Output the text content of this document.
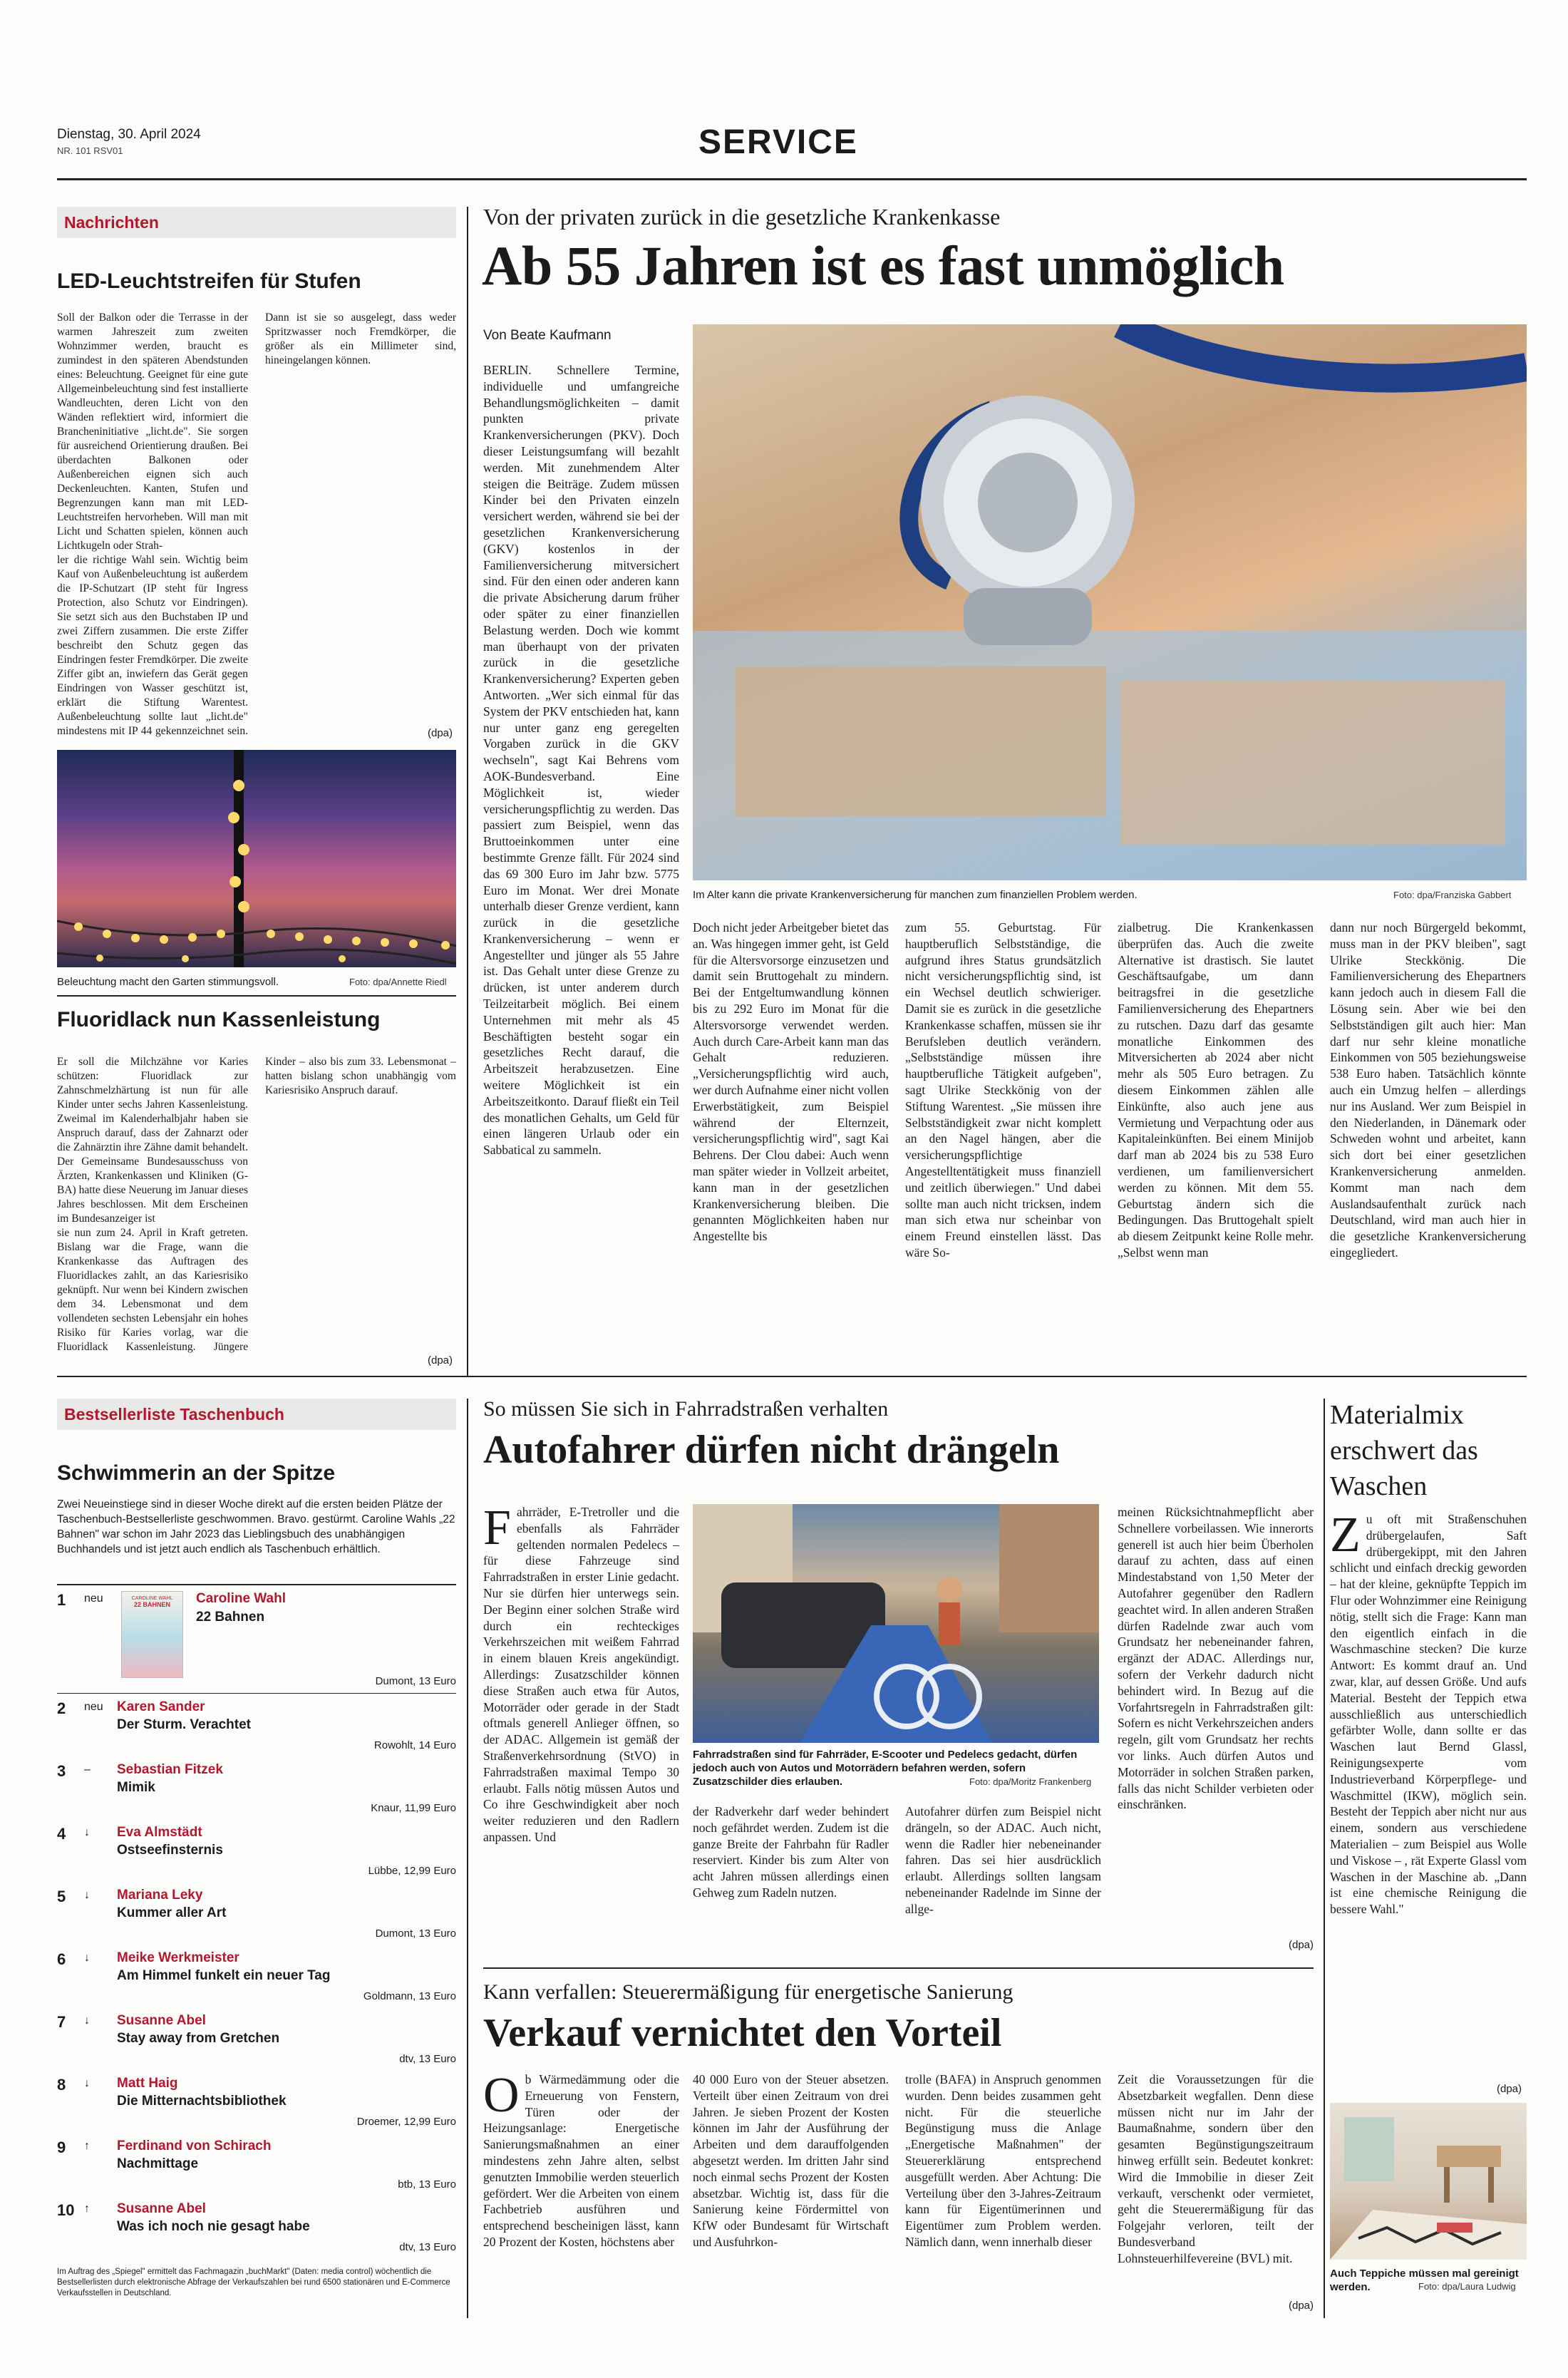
Dienstag, 30. April 2024
NR. 101 RSV01	SERVICE
Nachrichten
LED-Leuchtstreifen für Stufen

Soll der Balkon oder die Terrasse in der warmen Jahreszeit zum zweiten Wohnzimmer werden, braucht es zumindest in den späteren Abendstunden eines: Beleuchtung. Geeignet für eine gute Allgemeinbeleuchtung sind fest installierte Wandleuchten, deren Licht von den Wänden reflektiert wird, informiert die Brancheninitiative „licht.de". Sie sorgen für ausreichend Orientierung draußen. Bei überdachten Balkonen oder Außenbereichen eignen sich auch Deckenleuchten. Kanten, Stufen und Begrenzungen kann man mit LED-Leuchtstreifen hervorheben. Will man mit Licht und Schatten spielen, können auch Lichtkugeln oder Strah-

ler die richtige Wahl sein. Wichtig beim Kauf von Außenbeleuchtung ist außerdem die IP-Schutzart (IP steht für Ingress Protection, also Schutz vor Eindringen). Sie setzt sich aus den Buchstaben IP und zwei Ziffern zusammen. Die erste Ziffer beschreibt den Schutz gegen das Eindringen fester Fremdkörper. Die zweite Ziffer gibt an, inwiefern das Gerät gegen Eindringen von Wasser geschützt ist, erklärt die Stiftung Warentest. Außenbeleuchtung sollte laut „licht.de" mindestens mit IP 44 gekennzeichnet sein. Dann ist sie so ausgelegt, dass weder Spritzwasser noch Fremdkörper, die größer als ein Millimeter sind, hineingelangen können.

(dpa)
Beleuchtung macht den Garten stimmungsvoll.	Foto: dpa/Annette Riedl
Fluoridlack nun Kassenleistung

Er soll die Milchzähne vor Karies schützen: Fluoridlack zur Zahnschmelzhärtung ist nun für alle Kinder unter sechs Jahren Kassenleistung. Zweimal im Kalenderhalbjahr haben sie Anspruch darauf, dass der Zahnarzt oder die Zahnärztin ihre Zähne damit behandelt. Der Gemeinsame Bundesausschuss von Ärzten, Krankenkassen und Kliniken (G-BA) hatte diese Neuerung im Januar dieses Jahres beschlossen. Mit dem Erscheinen im Bundesanzeiger ist

sie nun zum 24. April in Kraft getreten. Bislang war die Frage, wann die Krankenkasse das Auftragen des Fluoridlackes zahlt, an das Kariesrisiko geknüpft. Nur wenn bei Kindern zwischen dem 34. Lebensmonat und dem vollendeten sechsten Lebensjahr ein hohes Risiko für Karies vorlag, war die Fluoridlack Kassenleistung. Jüngere Kinder – also bis zum 33. Lebensmonat – hatten bislang schon unabhängig vom Kariesrisiko Anspruch darauf.

(dpa)
Von der privaten zurück in die gesetzliche Krankenkasse
Ab 55 Jahren ist es fast unmöglich
Von Beate Kaufmann
Im Alter kann die private Krankenversicherung für manchen zum finanziellen Problem werden.	Foto: dpa/Franziska Gabbert
BERLIN. Schnellere Termine, individuelle und umfangreiche Behandlungsmöglichkeiten – damit punkten private Krankenversicherungen (PKV). Doch dieser Leistungsumfang will bezahlt werden. Mit zunehmendem Alter steigen die Beiträge. Zudem müssen Kinder bei den Privaten einzeln versichert werden, während sie bei der gesetzlichen Krankenversicherung (GKV) kostenlos in der Familienversicherung mitversichert sind. Für den einen oder anderen kann die private Absicherung darum früher oder später zu einer finanziellen Belastung werden. Doch wie kommt man überhaupt von der privaten zurück in die gesetzliche Krankenversicherung? Experten geben Antworten. „Wer sich einmal für das System der PKV entschieden hat, kann nur unter ganz eng geregelten Vorgaben zurück in die GKV wechseln", sagt Kai Behrens vom AOK-Bundesverband. Eine Möglichkeit ist, wieder versicherungspflichtig zu werden. Das passiert zum Beispiel, wenn das Bruttoeinkommen unter eine bestimmte Grenze fällt. Für 2024 sind das 69 300 Euro im Jahr bzw. 5775 Euro im Monat. Wer drei Monate unterhalb dieser Grenze verdient, kann zurück in die gesetzliche Krankenversicherung – wenn er Angestellter und jünger als 55 Jahre ist. Das Gehalt unter diese Grenze zu drücken, ist unter anderem durch Teilzeitarbeit möglich. Bei einem Unternehmen mit mehr als 45 Beschäftigten besteht sogar ein gesetzliches Recht darauf, die Arbeitszeit herabzusetzen. Eine weitere Möglichkeit ist ein Arbeitszeitkonto. Darauf fließt ein Teil des monatlichen Gehalts, um Geld für einen längeren Urlaub oder ein Sabbatical zu sammeln.
Doch nicht jeder Arbeitgeber bietet das an. Was hingegen immer geht, ist Geld für die Altersvorsorge einzusetzen und damit sein Bruttogehalt zu mindern. Bei der Entgeltumwandlung können bis zu 292 Euro im Monat für die Altersvorsorge verwendet werden. Auch durch Care-Arbeit kann man das Gehalt reduzieren. „Versicherungspflichtig wird auch, wer durch Aufnahme einer nicht vollen Erwerbstätigkeit, zum Beispiel während der Elternzeit, versicherungspflichtig wird", sagt Kai Behrens. Der Clou dabei: Auch wenn man später wieder in Vollzeit arbeitet, kann man in der gesetzlichen Krankenversicherung bleiben. Die genannten Möglichkeiten haben nur Angestellte bis
zum 55. Geburtstag. Für hauptberuflich Selbstständige, die aufgrund ihres Status grundsätzlich nicht versicherungspflichtig sind, ist ein Wechsel deutlich schwieriger. Damit sie es zurück in die gesetzliche Krankenkasse schaffen, müssen sie ihr Berufsleben deutlich verändern. „Selbstständige müssen ihre hauptberufliche Tätigkeit aufgeben", sagt Ulrike Steckkönig von der Stiftung Warentest. „Sie müssen ihre Selbstständigkeit zwar nicht komplett an den Nagel hängen, aber die versicherungspflichtige Angestelltentätigkeit muss finanziell und zeitlich überwiegen." Und dabei sollte man auch nicht tricksen, indem man sich etwa nur scheinbar von einem Freund einstellen lässt. Das wäre So-
zialbetrug. Die Krankenkassen überprüfen das. Auch die zweite Alternative ist drastisch. Sie lautet Geschäftsaufgabe, um dann beitragsfrei in die gesetzliche Familienversicherung des Ehepartners zu rutschen. Dazu darf das gesamte monatliche Einkommen des Mitversicherten ab 2024 aber nicht mehr als 505 Euro betragen. Zu diesem Einkommen zählen alle Einkünfte, also auch jene aus Vermietung und Verpachtung oder aus Kapitaleinkünften. Bei einem Minijob darf man ab 2024 bis zu 538 Euro verdienen, um familienversichert werden zu können. Mit dem 55. Geburtstag ändern sich die Bedingungen. Das Bruttogehalt spielt ab diesem Zeitpunkt keine Rolle mehr. „Selbst wenn man
dann nur noch Bürgergeld bekommt, muss man in der PKV bleiben", sagt Ulrike Steckkönig. Die Familienversicherung des Ehepartners kann jedoch auch in diesem Fall die Lösung sein. Aber wie bei den Selbstständigen gilt auch hier: Man darf nur sehr kleine monatliche Einkommen von 505 beziehungsweise 538 Euro haben. Tatsächlich könnte auch ein Umzug helfen – allerdings nur ins Ausland. Wer zum Beispiel in den Niederlanden, in Dänemark oder Schweden wohnt und arbeitet, kann sich dort bei einer gesetzlichen Krankenversicherung anmelden. Kommt man nach dem Auslandsaufenthalt zurück nach Deutschland, wird man auch hier in die gesetzliche Krankenversicherung eingegliedert.
Bestsellerliste Taschenbuch
Schwimmerin an der Spitze
Zwei Neueinstiege sind in dieser Woche direkt auf die ersten beiden Plätze der Taschenbuch-Bestsellerliste geschwommen. Bravo. gestürmt. Caroline Wahls „22 Bahnen" war schon im Jahr 2023 das Lieblingsbuch des unabhängigen Buchhandels und ist jetzt auch endlich als Taschenbuch erhältlich.
1 neu	CAROLINE WAHL
22 BAHNEN	Caroline Wahl
22 Bahnen
Dumont, 13 Euro
2 neu Karen Sander
Der Sturm. Verachtet
Rowohlt, 14 Euro
3 – Sebastian Fitzek
Mimik
Knaur, 11,99 Euro
4 ↓ Eva Almstädt
Ostseefinsternis
Lübbe, 12,99 Euro
5 ↓ Mariana Leky
Kummer aller Art
Dumont, 13 Euro
6 ↓ Meike Werkmeister
Am Himmel funkelt ein neuer Tag
Goldmann, 13 Euro
7 ↓ Susanne Abel
Stay away from Gretchen
dtv, 13 Euro
8 ↓ Matt Haig
Die Mitternachtsbibliothek
Droemer, 12,99 Euro
9 ↑ Ferdinand von Schirach
Nachmittage
btb, 13 Euro
10 ↑ Susanne Abel
Was ich noch nie gesagt habe
dtv, 13 Euro
Im Auftrag des „Spiegel" ermittelt das Fachmagazin „buchMarkt" (Daten: media control) wöchentlich die Bestsellerlisten durch elektronische Abfrage der Verkaufszahlen bei rund 6500 stationären und E-Commerce Verkaufsstellen in Deutschland.
So müssen Sie sich in Fahrradstraßen verhalten
Autofahrer dürfen nicht drängeln
F ahrräder, E-Tretroller und die ebenfalls als Fahrräder geltenden normalen Pedelecs – für diese Fahrzeuge sind Fahrradstraßen in erster Linie gedacht. Nur sie dürfen hier unterwegs sein. Der Beginn einer solchen Straße wird durch ein rechteckiges Verkehrszeichen mit weißem Fahrrad in einem blauen Kreis angekündigt. Allerdings: Zusatzschilder können diese Straßen auch etwa für Autos, Motorräder oder gerade in der Stadt oftmals generell Anlieger öffnen, so der ADAC. Allgemein ist gemäß der Straßenverkehrsordnung (StVO) in Fahrradstraßen maximal Tempo 30 erlaubt. Falls nötig müssen Autos und Co ihre Geschwindigkeit aber noch weiter reduzieren und den Radlern anpassen. Und
Fahrradstraßen sind für Fahrräder, E-Scooter und Pedelecs gedacht, dürfen jedoch auch von Autos und Motorrädern befahren werden, sofern Zusatzschilder dies erlauben.	Foto: dpa/Moritz Frankenberg
der Radverkehr darf weder behindert noch gefährdet werden. Zudem ist die ganze Breite der Fahrbahn für Radler reserviert. Kinder bis zum Alter von acht Jahren müssen allerdings einen Gehweg zum Radeln nutzen.
Autofahrer dürfen zum Beispiel nicht drängeln, so der ADAC. Auch nicht, wenn die Radler hier nebeneinander fahren. Das sei hier ausdrücklich erlaubt. Allerdings sollten langsam nebeneinander Radelnde im Sinne der allge-
meinen Rücksichtnahmepflicht aber Schnellere vorbeilassen. Wie innerorts generell ist auch hier beim Überholen darauf zu achten, dass auf einen Mindestabstand von 1,50 Meter der Autofahrer gegenüber den Radlern geachtet wird. In allen anderen Straßen dürfen Radelnde zwar auch vom Grundsatz her nebeneinander fahren, ergänzt der ADAC. Allerdings nur, sofern der Verkehr dadurch nicht behindert wird. In Bezug auf die Vorfahrtsregeln in Fahrradstraßen gilt: Sofern es nicht Verkehrszeichen anders regeln, gilt vom Grundsatz her rechts vor links. Auch dürfen Autos und Motorräder in solchen Straßen parken, falls das nicht Schilder verbieten oder einschränken.
(dpa)
Kann verfallen: Steuerermäßigung für energetische Sanierung
Verkauf vernichtet den Vorteil
O b Wärmedämmung oder die Erneuerung von Fenstern, Türen oder der Heizungsanlage: Energetische Sanierungsmaßnahmen an einer mindestens zehn Jahre alten, selbst genutzten Immobilie werden steuerlich gefördert. Wer die Arbeiten von einem Fachbetrieb ausführen und entsprechend bescheinigen lässt, kann 20 Prozent der Kosten, höchstens aber
40 000 Euro von der Steuer absetzen. Verteilt über einen Zeitraum von drei Jahren. Je sieben Prozent der Kosten können im Jahr der Ausführung der Arbeiten und dem darauffolgenden abgesetzt werden. Im dritten Jahr sind noch einmal sechs Prozent der Kosten absetzbar. Wichtig ist, dass für die Sanierung keine Fördermittel von KfW oder Bundesamt für Wirtschaft und Ausfuhrkon-
trolle (BAFA) in Anspruch genommen wurden. Denn beides zusammen geht nicht. Für die steuerliche Begünstigung muss die Anlage „Energetische Maßnahmen" der Steuererklärung entsprechend ausgefüllt werden. Aber Achtung: Die Verteilung über den 3-Jahres-Zeitraum kann für Eigentümerinnen und Eigentümer zum Problem werden. Nämlich dann, wenn innerhalb dieser
Zeit die Voraussetzungen für die Absetzbarkeit wegfallen. Denn diese müssen nicht nur im Jahr der Baumaßnahme, sondern über den gesamten Begünstigungszeitraum hinweg erfüllt sein. Bedeutet konkret: Wird die Immobilie in dieser Zeit verkauft, verschenkt oder vermietet, geht die Steuerermäßigung für das Folgejahr verloren, teilt der Bundesverband Lohnsteuerhilfevereine (BVL) mit.
(dpa)
Materialmix erschwert das Waschen
Z u oft mit Straßenschuhen drübergelaufen, Saft drübergekippt, mit den Jahren schlicht und einfach dreckig geworden – hat der kleine, geknüpfte Teppich im Flur oder Wohnzimmer eine Reinigung nötig, stellt sich die Frage: Kann man den eigentlich einfach in die Waschmaschine stecken? Die kurze Antwort: Es kommt drauf an. Und zwar, klar, auf dessen Größe. Und aufs Material. Besteht der Teppich etwa ausschließlich aus unterschiedlich gefärbter Wolle, dann sollte er das Waschen laut Bernd Glassl, Reinigungsexperte vom Industrieverband Körperpflege- und Waschmittel (IKW), möglich sein. Besteht der Teppich aber nicht nur aus einem, sondern aus verschiedene Materialien – zum Beispiel aus Wolle und Viskose – , rät Experte Glassl vom Waschen in der Maschine ab. „Dann ist eine chemische Reinigung die bessere Wahl."
(dpa)
Auch Teppiche müssen mal gereinigt werden.	Foto: dpa/Laura Ludwig
